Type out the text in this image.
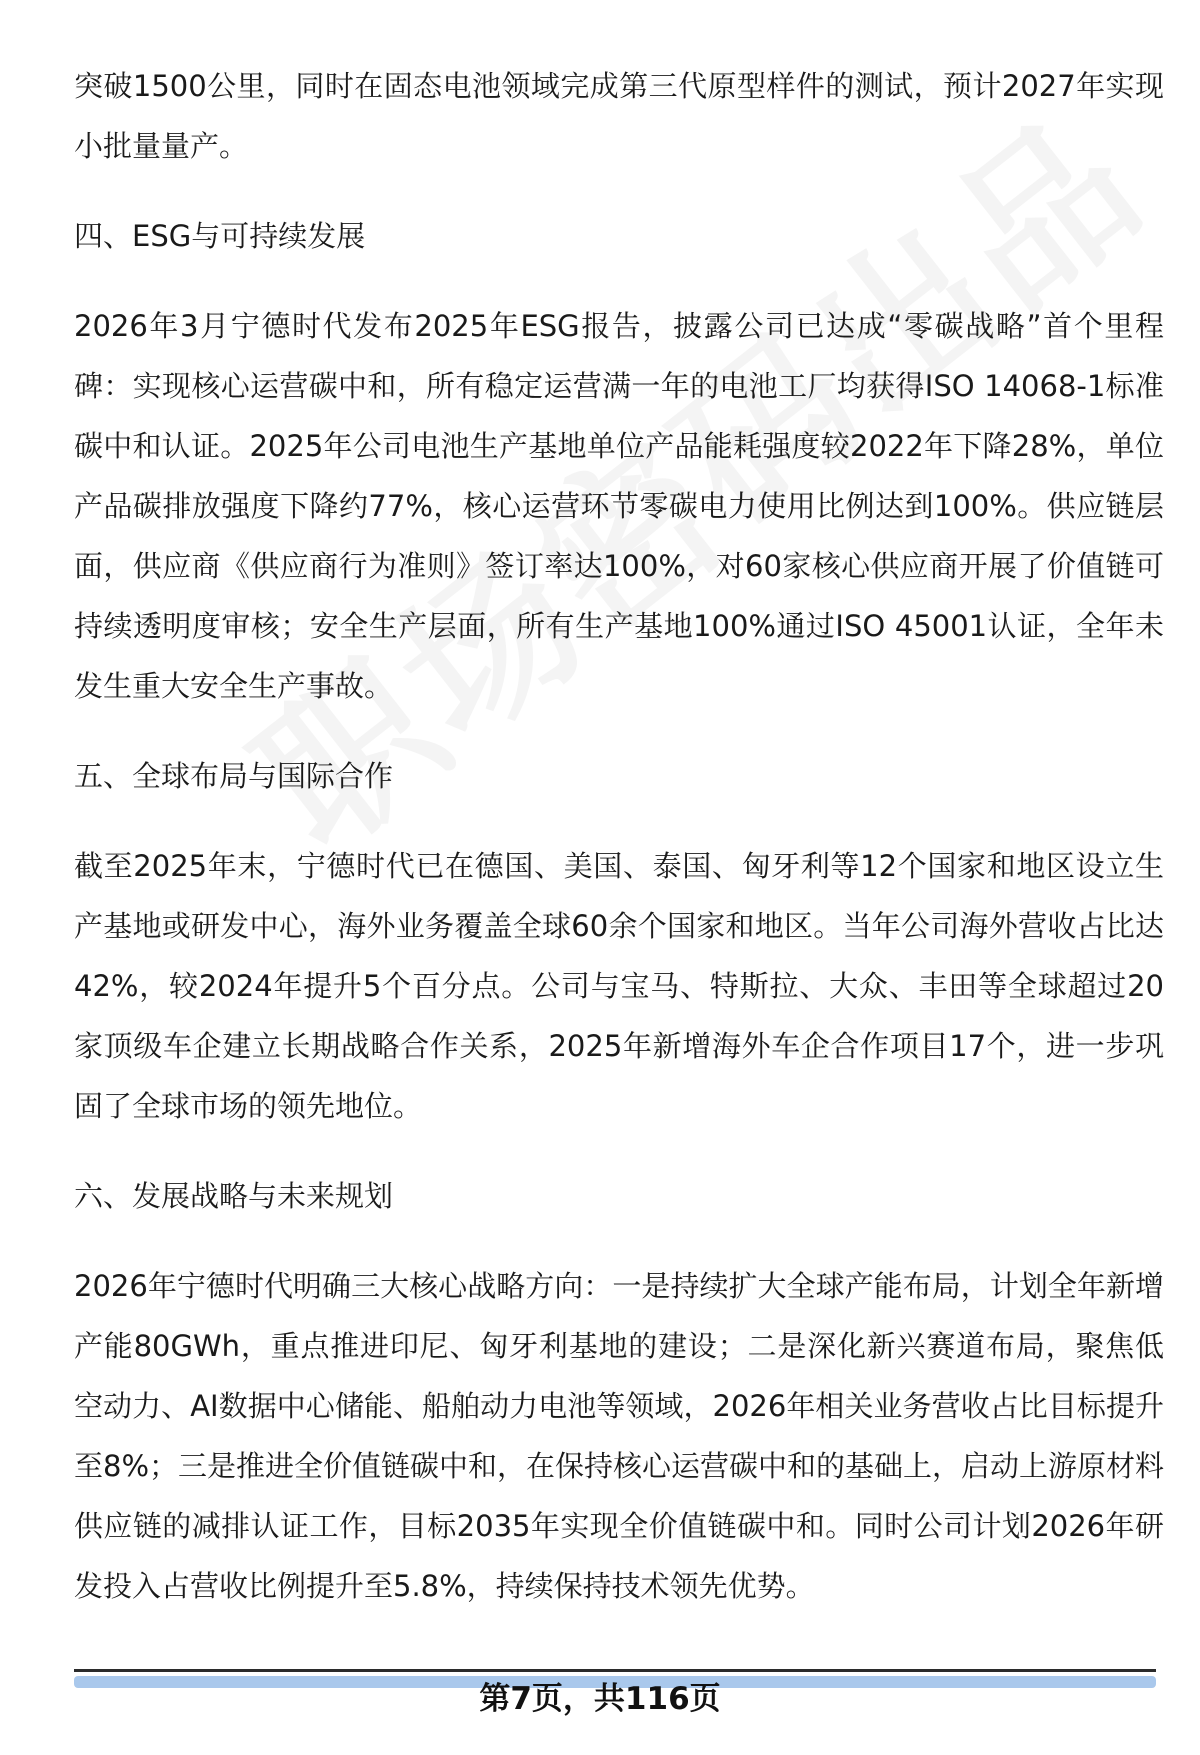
突破1500公里，同时在固态电池领域完成第三代原型样件的测试，预计2027年实现小批量量产。

四、ESG与可持续发展

2026年3月宁德时代发布2025年ESG报告，披露公司已达成“零碳战略”首个里程碑：实现核心运营碳中和，所有稳定运营满一年的电池工厂均获得ISO 14068-1标准碳中和认证。2025年公司电池生产基地单位产品能耗强度较2022年下降28%，单位产品碳排放强度下降约77%，核心运营环节零碳电力使用比例达到100%。供应链层面，供应商《供应商行为准则》签订率达100%，对60家核心供应商开展了价值链可持续透明度审核；安全生产层面，所有生产基地100%通过ISO 45001认证，全年未发生重大安全生产事故。

五、全球布局与国际合作

截至2025年末，宁德时代已在德国、美国、泰国、匈牙利等12个国家和地区设立生产基地或研发中心，海外业务覆盖全球60余个国家和地区。当年公司海外营收占比达42%，较2024年提升5个百分点。公司与宝马、特斯拉、大众、丰田等全球超过20家顶级车企建立长期战略合作关系，2025年新增海外车企合作项目17个，进一步巩固了全球市场的领先地位。

六、发展战略与未来规划

2026年宁德时代明确三大核心战略方向：一是持续扩大全球产能布局，计划全年新增产能80GWh，重点推进印尼、匈牙利基地的建设；二是深化新兴赛道布局，聚焦低空动力、AI数据中心储能、船舶动力电池等领域，2026年相关业务营收占比目标提升至8%；三是推进全价值链碳中和，在保持核心运营碳中和的基础上，启动上游原材料供应链的减排认证工作，目标2035年实现全价值链碳中和。同时公司计划2026年研发投入占营收比例提升至5.8%，持续保持技术领先优势。

第7页，共116页
